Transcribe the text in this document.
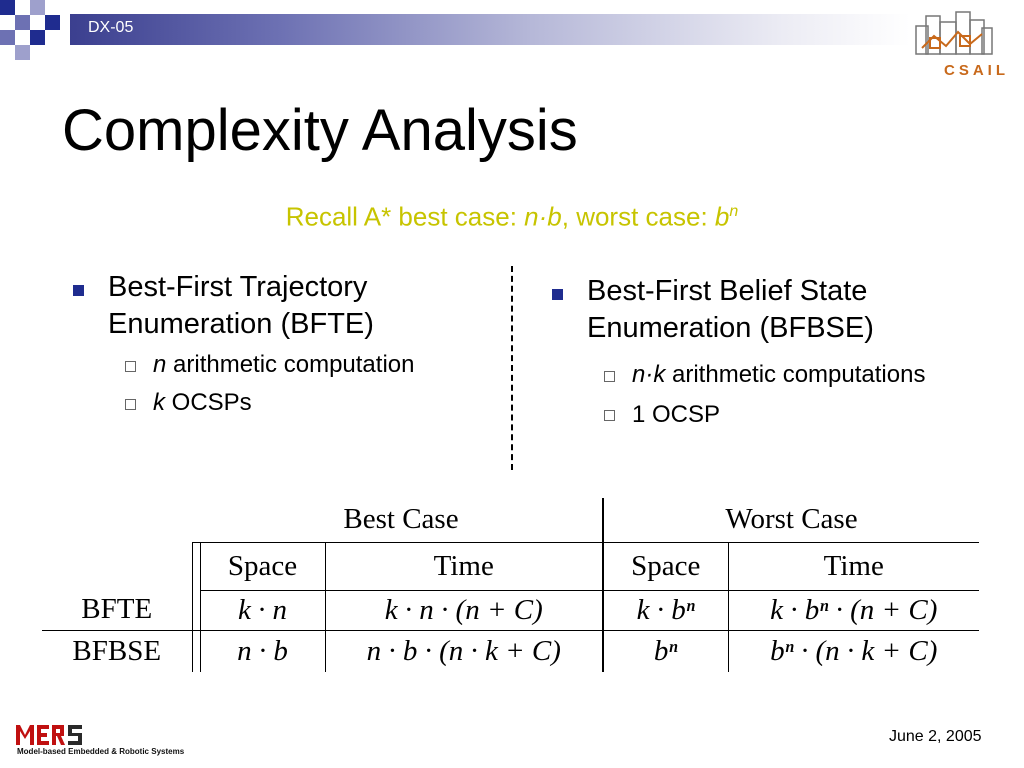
DX-05
CSAIL
Complexity Analysis
Recall A* best case: n·b, worst case: $b^n$
Best-First Trajectory
Enumeration (BFTE)
n arithmetic computation
k OCSPs
Best-First Belief State
Enumeration (BFBSE)
n·k arithmetic computations
1 OCSP
		Best Case		Worst Case	
		Space	Time	Space	Time
BFTE		k · n	k · n · (n + C)	k · bⁿ	k · bⁿ · (n + C)
BFBSE		n · b	n · b · (n · k + C)	bⁿ	bⁿ · (n · k + C)
Model-based Embedded & Robotic Systems
June 2, 2005
